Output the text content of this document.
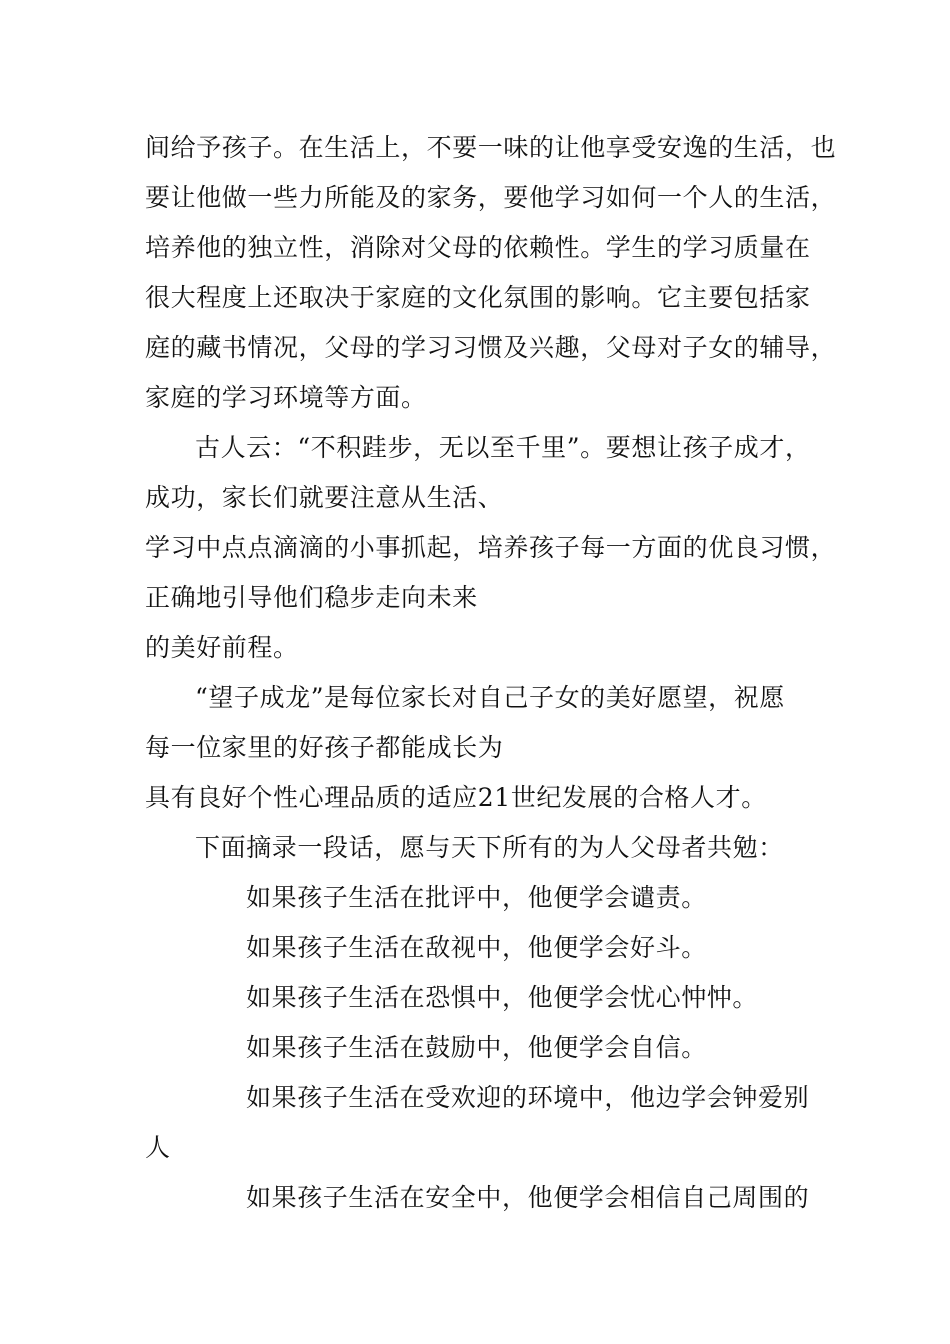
间给予孩子。在生活上，不要一味的让他享受安逸的生活，也
要让他做一些力所能及的家务，要他学习如何一个人的生活，
培养他的独立性，消除对父母的依赖性。学生的学习质量在
很大程度上还取决于家庭的文化氛围的影响。它主要包括家
庭的藏书情况，父母的学习习惯及兴趣，父母对子女的辅导，
家庭的学习环境等方面。
古人云：“不积跬步，无以至千里”。要想让孩子成才，
成功，家长们就要注意从生活、
学习中点点滴滴的小事抓起，培养孩子每一方面的优良习惯，
正确地引导他们稳步走向未来
的美好前程。
“望子成龙”是每位家长对自己子女的美好愿望，祝愿
每一位家里的好孩子都能成长为
具有良好个性心理品质的适应21世纪发展的合格人才。
下面摘录一段话，愿与天下所有的为人父母者共勉：
如果孩子生活在批评中，他便学会谴责。
如果孩子生活在敌视中，他便学会好斗。
如果孩子生活在恐惧中，他便学会忧心忡忡。
如果孩子生活在鼓励中，他便学会自信。
如果孩子生活在受欢迎的环境中，他边学会钟爱别
人
如果孩子生活在安全中，他便学会相信自己周围的
